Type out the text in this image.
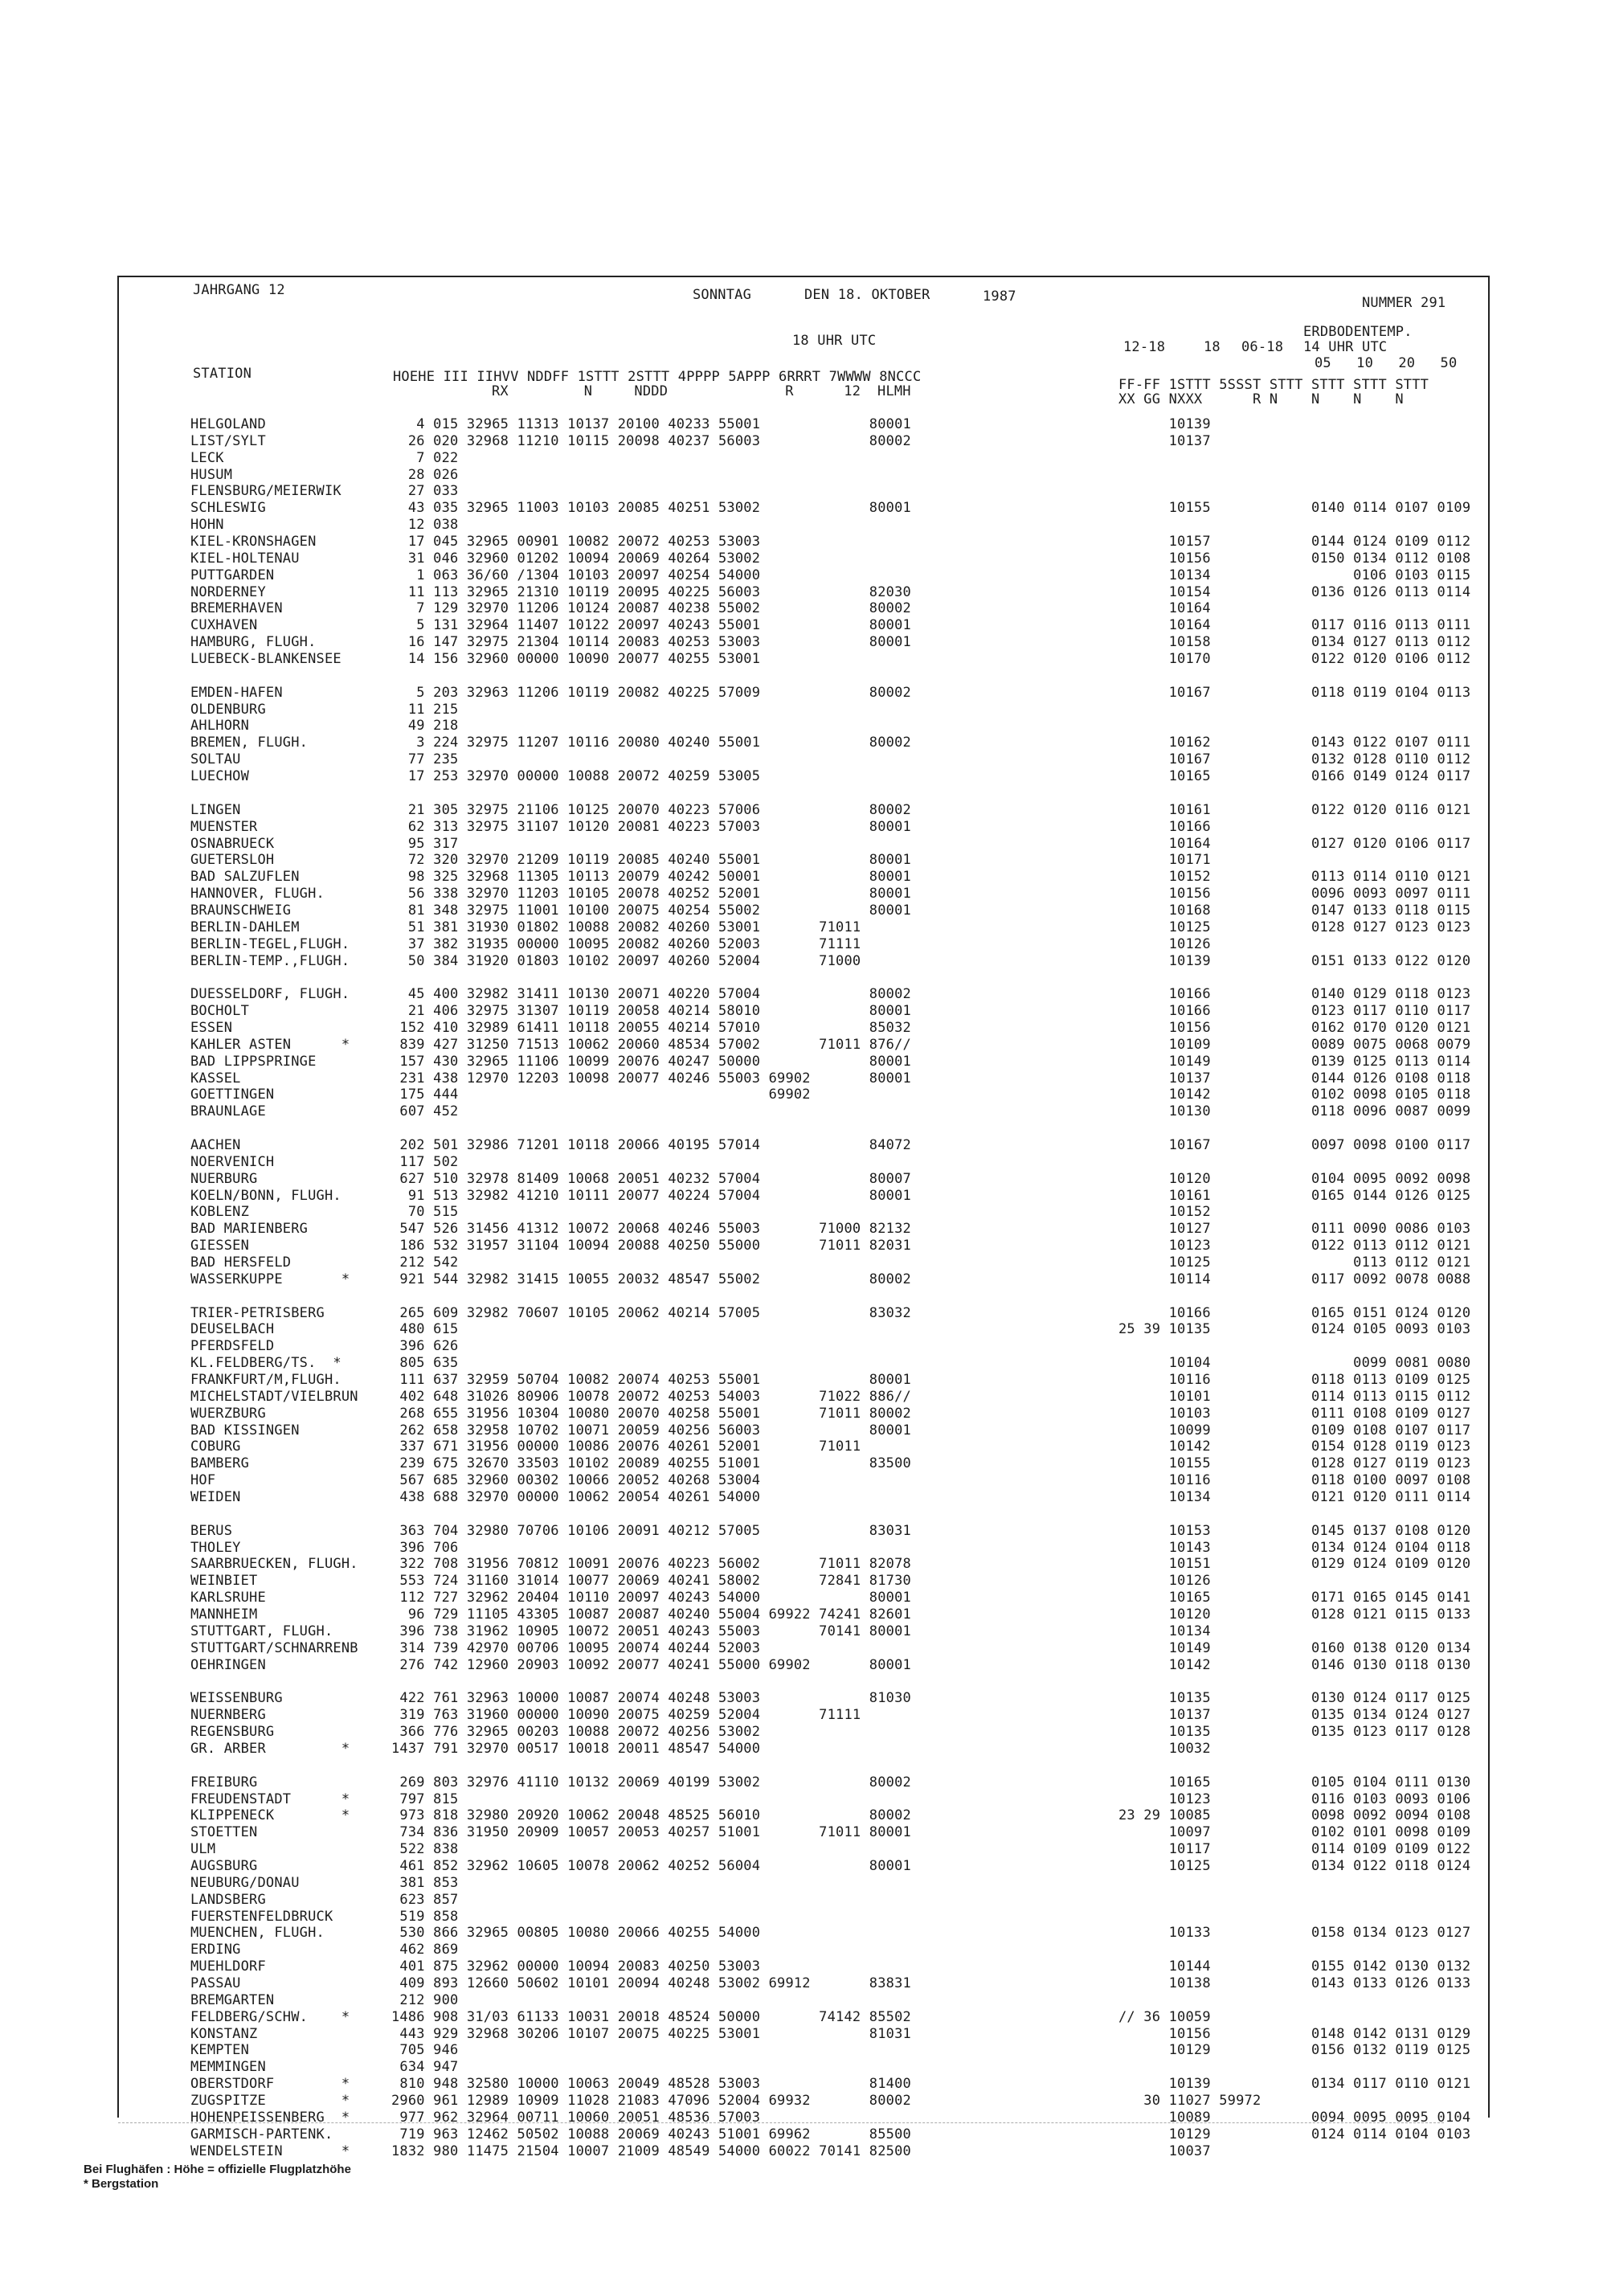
JAHRGANG 12	SONNTAG	DEN 18. OKTOBER	1987	NUMMER 291
18 UHR UTC
ERDBODENTEMP.
14 UHR UTC
05   10   20   50
12-18	18 06-18
STATION	HOEHE III IIHVV NDDFF 1STTT 2STTT 4PPPP 5APPP 6RRRT 7WWWW 8NCCC
RX         N     NDDD              R      12  HLMH	FF-FF 1STTT 5SSST STTT STTT STTT STTT
XX GG NXXX      R N    N    N    N
HELGOLAND	4 015 32965 11313 10137 20100 40233 55001             80001	10139
LIST/SYLT	26 020 32968 11210 10115 20098 40237 56003             80002	10137
LECK	7 022
HUSUM	28 026
FLENSBURG/MEIERWIK	27 033
SCHLESWIG	43 035 32965 11003 10103 20085 40251 53002             80001	10155            0140 0114 0107 0109
HOHN	12 038
KIEL-KRONSHAGEN	17 045 32965 00901 10082 20072 40253 53003	10157            0144 0124 0109 0112
KIEL-HOLTENAU	31 046 32960 01202 10094 20069 40264 53002	10156            0150 0134 0112 0108
PUTTGARDEN	1 063 36/60 /1304 10103 20097 40254 54000	10134                 0106 0103 0115
NORDERNEY	11 113 32965 21310 10119 20095 40225 56003             82030	10154            0136 0126 0113 0114
BREMERHAVEN	7 129 32970 11206 10124 20087 40238 55002             80002	10164
CUXHAVEN	5 131 32964 11407 10122 20097 40243 55001             80001	10164            0117 0116 0113 0111
HAMBURG, FLUGH.	16 147 32975 21304 10114 20083 40253 53003             80001	10158            0134 0127 0113 0112
LUEBECK-BLANKENSEE	14 156 32960 00000 10090 20077 40255 53001	10170            0122 0120 0106 0112
EMDEN-HAFEN	5 203 32963 11206 10119 20082 40225 57009             80002	10167            0118 0119 0104 0113
OLDENBURG	11 215
AHLHORN	49 218
BREMEN, FLUGH.	3 224 32975 11207 10116 20080 40240 55001             80002	10162            0143 0122 0107 0111
SOLTAU	77 235	10167            0132 0128 0110 0112
LUECHOW	17 253 32970 00000 10088 20072 40259 53005	10165            0166 0149 0124 0117
LINGEN	21 305 32975 21106 10125 20070 40223 57006             80002	10161            0122 0120 0116 0121
MUENSTER	62 313 32975 31107 10120 20081 40223 57003             80001	10166
OSNABRUECK	95 317	10164            0127 0120 0106 0117
GUETERSLOH	72 320 32970 21209 10119 20085 40240 55001             80001	10171
BAD SALZUFLEN	98 325 32968 11305 10113 20079 40242 50001             80001	10152            0113 0114 0110 0121
HANNOVER, FLUGH.	56 338 32970 11203 10105 20078 40252 52001             80001	10156            0096 0093 0097 0111
BRAUNSCHWEIG	81 348 32975 11001 10100 20075 40254 55002             80001	10168            0147 0133 0118 0115
BERLIN-DAHLEM	51 381 31930 01802 10088 20082 40260 53001       71011	10125            0128 0127 0123 0123
BERLIN-TEGEL,FLUGH.	37 382 31935 00000 10095 20082 40260 52003       71111	10126
BERLIN-TEMP.,FLUGH.	50 384 31920 01803 10102 20097 40260 52004       71000	10139            0151 0133 0122 0120
DUESSELDORF, FLUGH.	45 400 32982 31411 10130 20071 40220 57004             80002	10166            0140 0129 0118 0123
BOCHOLT	21 406 32975 31307 10119 20058 40214 58010             80001	10166            0123 0117 0110 0117
ESSEN	152 410 32989 61411 10118 20055 40214 57010             85032	10156            0162 0170 0120 0121
KAHLER ASTEN      *	839 427 31250 71513 10062 20060 48534 57002       71011 876//	10109            0089 0075 0068 0079
BAD LIPPSPRINGE	157 430 32965 11106 10099 20076 40247 50000             80001	10149            0139 0125 0113 0114
KASSEL	231 438 12970 12203 10098 20077 40246 55003 69902       80001	10137            0144 0126 0108 0118
GOETTINGEN	175 444                                     69902	10142            0102 0098 0105 0118
BRAUNLAGE	607 452	10130            0118 0096 0087 0099
AACHEN	202 501 32986 71201 10118 20066 40195 57014             84072	10167            0097 0098 0100 0117
NOERVENICH	117 502
NUERBURG	627 510 32978 81409 10068 20051 40232 57004             80007	10120            0104 0095 0092 0098
KOELN/BONN, FLUGH.	91 513 32982 41210 10111 20077 40224 57004             80001	10161            0165 0144 0126 0125
KOBLENZ	70 515	10152
BAD MARIENBERG	547 526 31456 41312 10072 20068 40246 55003       71000 82132	10127            0111 0090 0086 0103
GIESSEN	186 532 31957 31104 10094 20088 40250 55000       71011 82031	10123            0122 0113 0112 0121
BAD HERSFELD	212 542	10125                 0113 0112 0121
WASSERKUPPE       *	921 544 32982 31415 10055 20032 48547 55002             80002	10114            0117 0092 0078 0088
TRIER-PETRISBERG	265 609 32982 70607 10105 20062 40214 57005             83032	10166            0165 0151 0124 0120
DEUSELBACH	480 615	25 39 10135            0124 0105 0093 0103
PFERDSFELD	396 626
KL.FELDBERG/TS.  *	805 635	10104                 0099 0081 0080
FRANKFURT/M,FLUGH.	111 637 32959 50704 10082 20074 40253 55001             80001	10116            0118 0113 0109 0125
MICHELSTADT/VIELBRUN 402 648 31026 80906 10078 20072 40253 54003       71022 886//	10101            0114 0113 0115 0112
WUERZBURG	268 655 31956 10304 10080 20070 40258 55001       71011 80002	10103            0111 0108 0109 0127
BAD KISSINGEN	262 658 32958 10702 10071 20059 40256 56003             80001	10099            0109 0108 0107 0117
COBURG	337 671 31956 00000 10086 20076 40261 52001       71011	10142            0154 0128 0119 0123
BAMBERG	239 675 32670 33503 10102 20089 40255 51001             83500	10155            0128 0127 0119 0123
HOF	567 685 32960 00302 10066 20052 40268 53004	10116            0118 0100 0097 0108
WEIDEN	438 688 32970 00000 10062 20054 40261 54000	10134            0121 0120 0111 0114
BERUS	363 704 32980 70706 10106 20091 40212 57005             83031	10153            0145 0137 0108 0120
THOLEY	396 706	10143            0134 0124 0104 0118
SAARBRUECKEN, FLUGH. 322 708 31956 70812 10091 20076 40223 56002       71011 82078	10151            0129 0124 0109 0120
WEINBIET	553 724 31160 31014 10077 20069 40241 58002       72841 81730	10126
KARLSRUHE	112 727 32962 20404 10110 20097 40243 54000             80001	10165            0171 0165 0145 0141
MANNHEIM	96 729 11105 43305 10087 20087 40240 55004 69922 74241 82601	10120            0128 0121 0115 0133
STUTTGART, FLUGH.	396 738 31962 10905 10072 20051 40243 55003       70141 80001	10134
STUTTGART/SCHNARRENB 314 739 42970 00706 10095 20074 40244 52003	10149            0160 0138 0120 0134
OEHRINGEN	276 742 12960 20903 10092 20077 40241 55000 69902       80001	10142            0146 0130 0118 0130
WEISSENBURG	422 761 32963 10000 10087 20074 40248 53003             81030	10135            0130 0124 0117 0125
NUERNBERG	319 763 31960 00000 10090 20075 40259 52004       71111	10137            0135 0134 0124 0127
REGENSBURG	366 776 32965 00203 10088 20072 40256 53002	10135            0135 0123 0117 0128
GR. ARBER         *	1437 791 32970 00517 10018 20011 48547 54000	10032
FREIBURG	269 803 32976 41110 10132 20069 40199 53002             80002	10165            0105 0104 0111 0130
FREUDENSTADT      *	797 815	10123            0116 0103 0093 0106
KLIPPENECK        *	973 818 32980 20920 10062 20048 48525 56010             80002	23 29 10085            0098 0092 0094 0108
STOETTEN	734 836 31950 20909 10057 20053 40257 51001       71011 80001	10097            0102 0101 0098 0109
ULM	522 838	10117            0114 0109 0109 0122
AUGSBURG	461 852 32962 10605 10078 20062 40252 56004             80001	10125            0134 0122 0118 0124
NEUBURG/DONAU	381 853
LANDSBERG	623 857
FUERSTENFELDBRUCK	519 858
MUENCHEN, FLUGH.	530 866 32965 00805 10080 20066 40255 54000	10133            0158 0134 0123 0127
ERDING	462 869
MUEHLDORF	401 875 32962 00000 10094 20083 40250 53003	10144            0155 0142 0130 0132
PASSAU	409 893 12660 50602 10101 20094 40248 53002 69912       83831	10138            0143 0133 0126 0133
BREMGARTEN	212 900
FELDBERG/SCHW.    *	1486 908 31/03 61133 10031 20018 48524 50000       74142 85502	// 36 10059
KONSTANZ	443 929 32968 30206 10107 20075 40225 53001             81031	10156            0148 0142 0131 0129
KEMPTEN	705 946	10129            0156 0132 0119 0125
MEMMINGEN	634 947
OBERSTDORF        *	810 948 32580 10000 10063 20049 48528 53003             81400	10139            0134 0117 0110 0121
ZUGSPITZE         *	2960 961 12989 10909 11028 21083 47096 52004 69932       80002	30 11027 59972
HOHENPEISSENBERG  *	977 962 32964 00711 10060 20051 48536 57003	10089            0094 0095 0095 0104
GARMISCH-PARTENK.	719 963 12462 50502 10088 20069 40243 51001 69962       85500	10129            0124 0114 0104 0103
WENDELSTEIN       *	1832 980 11475 21504 10007 21009 48549 54000 60022 70141 82500	10037
Bei Flughäfen : Höhe = offizielle Flugplatzhöhe
* Bergstation
